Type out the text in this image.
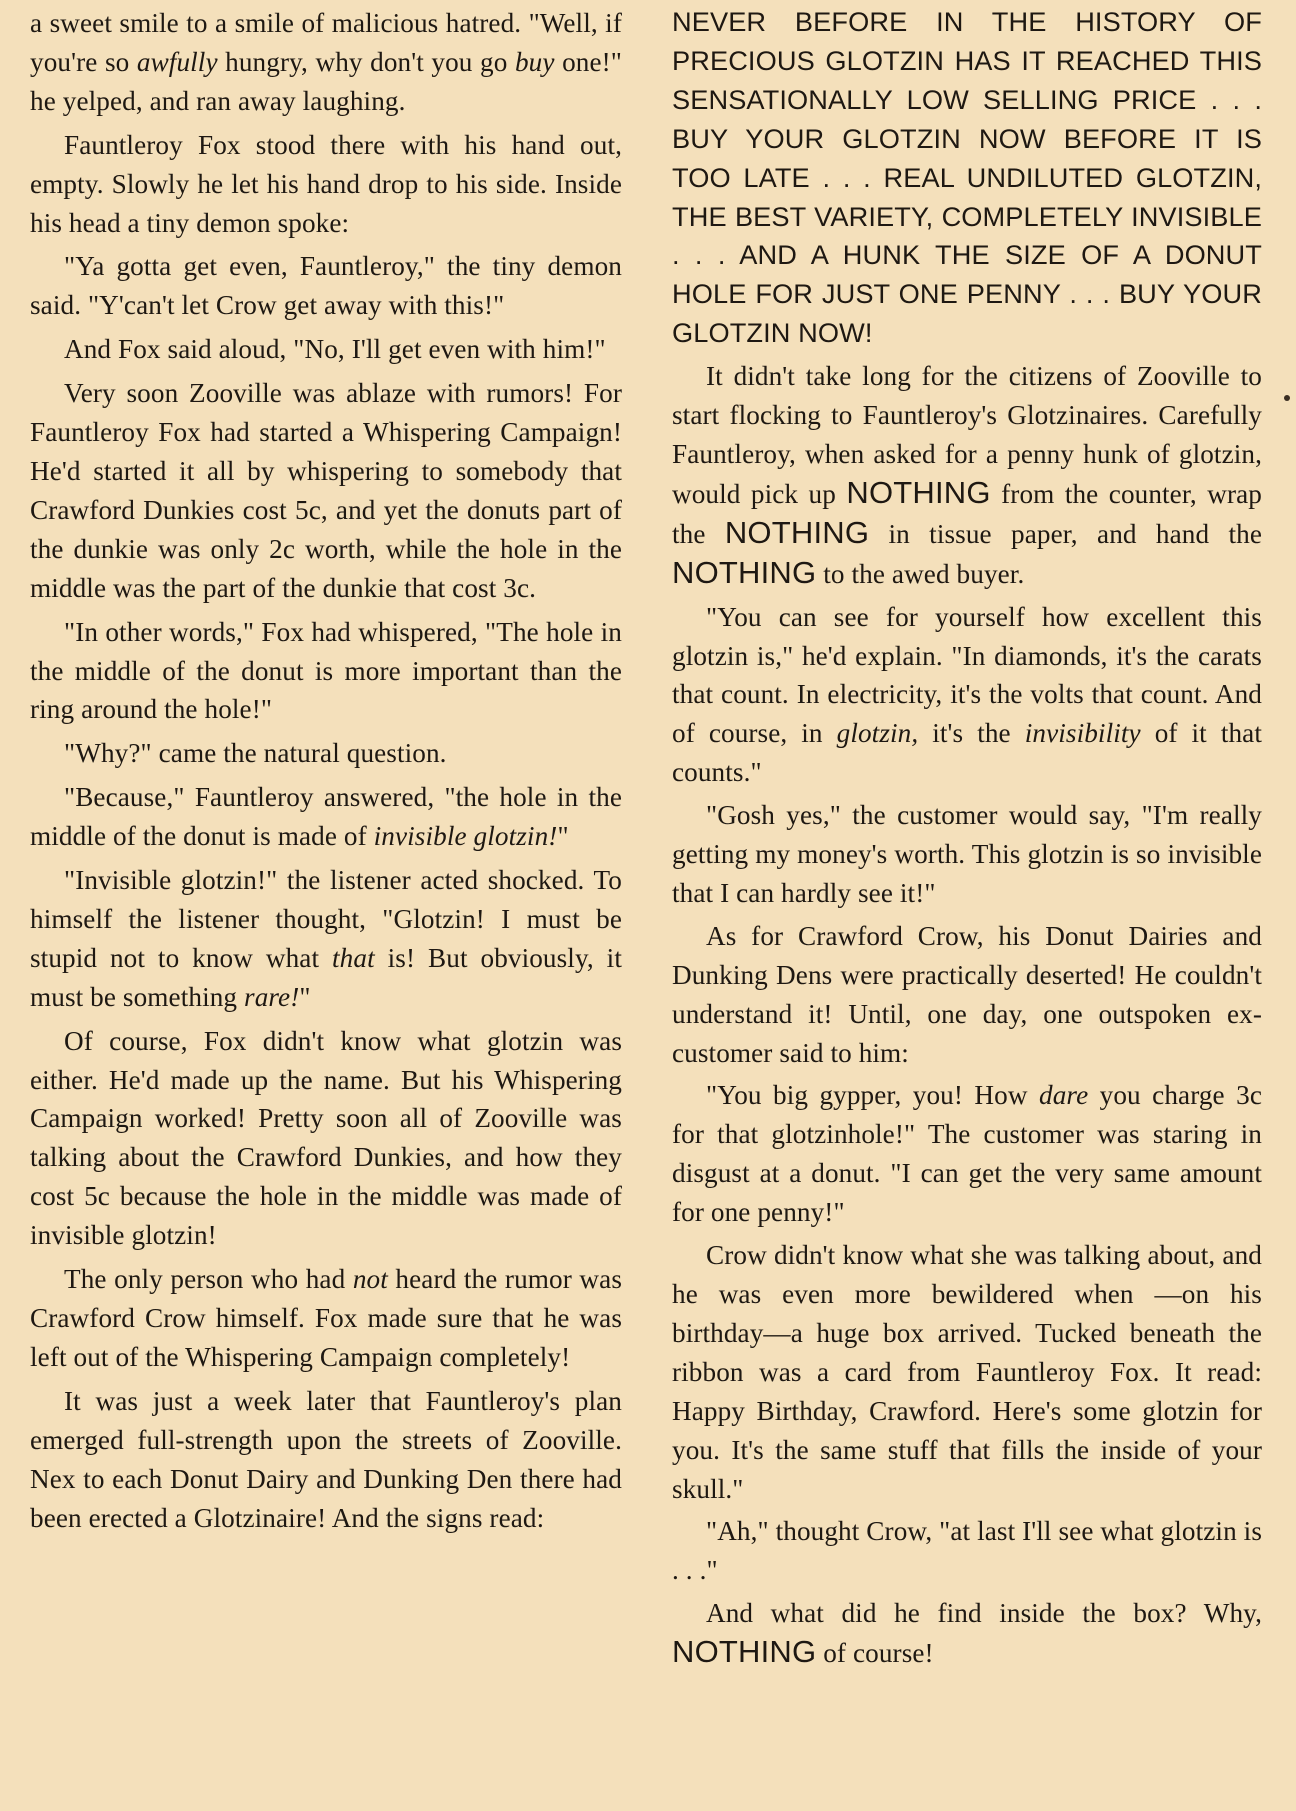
a sweet smile to a smile of malicious hatred. "Well, if you're so awfully hungry, why don't you go buy one!" he yelped, and ran away laughing.

Fauntleroy Fox stood there with his hand out, empty. Slowly he let his hand drop to his side. Inside his head a tiny demon spoke:

"Ya gotta get even, Fauntleroy," the tiny demon said. "Y'can't let Crow get away with this!"

And Fox said aloud, "No, I'll get even with him!"

Very soon Zooville was ablaze with rumors! For Fauntleroy Fox had started a Whispering Campaign! He'd started it all by whispering to somebody that Crawford Dunkies cost 5c, and yet the donuts part of the dunkie was only 2c worth, while the hole in the middle was the part of the dunkie that cost 3c.

"In other words," Fox had whispered, "The hole in the middle of the donut is more important than the ring around the hole!"

"Why?" came the natural question.

"Because," Fauntleroy answered, "the hole in the middle of the donut is made of invisible glotzin!"

"Invisible glotzin!" the listener acted shocked. To himself the listener thought, "Glotzin! I must be stupid not to know what that is! But obviously, it must be something rare!"

Of course, Fox didn't know what glotzin was either. He'd made up the name. But his Whispering Campaign worked! Pretty soon all of Zooville was talking about the Crawford Dunkies, and how they cost 5c because the hole in the middle was made of invisible glotzin!

The only person who had not heard the rumor was Crawford Crow himself. Fox made sure that he was left out of the Whispering Campaign completely!

It was just a week later that Fauntleroy's plan emerged full-strength upon the streets of Zooville. Nex to each Donut Dairy and Dunking Den there had been erected a Glotzinaire! And the signs read:

NEVER BEFORE IN THE HISTORY OF PRECIOUS GLOTZIN HAS IT REACHED THIS SENSATIONALLY LOW SELLING PRICE . . . BUY YOUR GLOTZIN NOW BEFORE IT IS TOO LATE . . . REAL UNDILUTED GLOTZIN, THE BEST VARIETY, COMPLETELY INVISIBLE . . . AND A HUNK THE SIZE OF A DONUT HOLE FOR JUST ONE PENNY . . . BUY YOUR GLOTZIN NOW!

It didn't take long for the citizens of Zooville to start flocking to Fauntleroy's Glotzinaires. Carefully Fauntleroy, when asked for a penny hunk of glotzin, would pick up NOTHING from the counter, wrap the NOTHING in tissue paper, and hand the NOTHING to the awed buyer.

"You can see for yourself how excellent this glotzin is," he'd explain. "In diamonds, it's the carats that count. In electricity, it's the volts that count. And of course, in glotzin, it's the invisibility of it that counts."

"Gosh yes," the customer would say, "I'm really getting my money's worth. This glotzin is so invisible that I can hardly see it!"

As for Crawford Crow, his Donut Dairies and Dunking Dens were practically deserted! He couldn't understand it! Until, one day, one outspoken ex-customer said to him:

"You big gypper, you! How dare you charge 3c for that glotzinhole!" The customer was staring in disgust at a donut. "I can get the very same amount for one penny!"

Crow didn't know what she was talking about, and he was even more bewildered when —on his birthday—a huge box arrived. Tucked beneath the ribbon was a card from Fauntleroy Fox. It read: Happy Birthday, Crawford. Here's some glotzin for you. It's the same stuff that fills the inside of your skull."

"Ah," thought Crow, "at last I'll see what glotzin is . . ."

And what did he find inside the box? Why, NOTHING of course!
